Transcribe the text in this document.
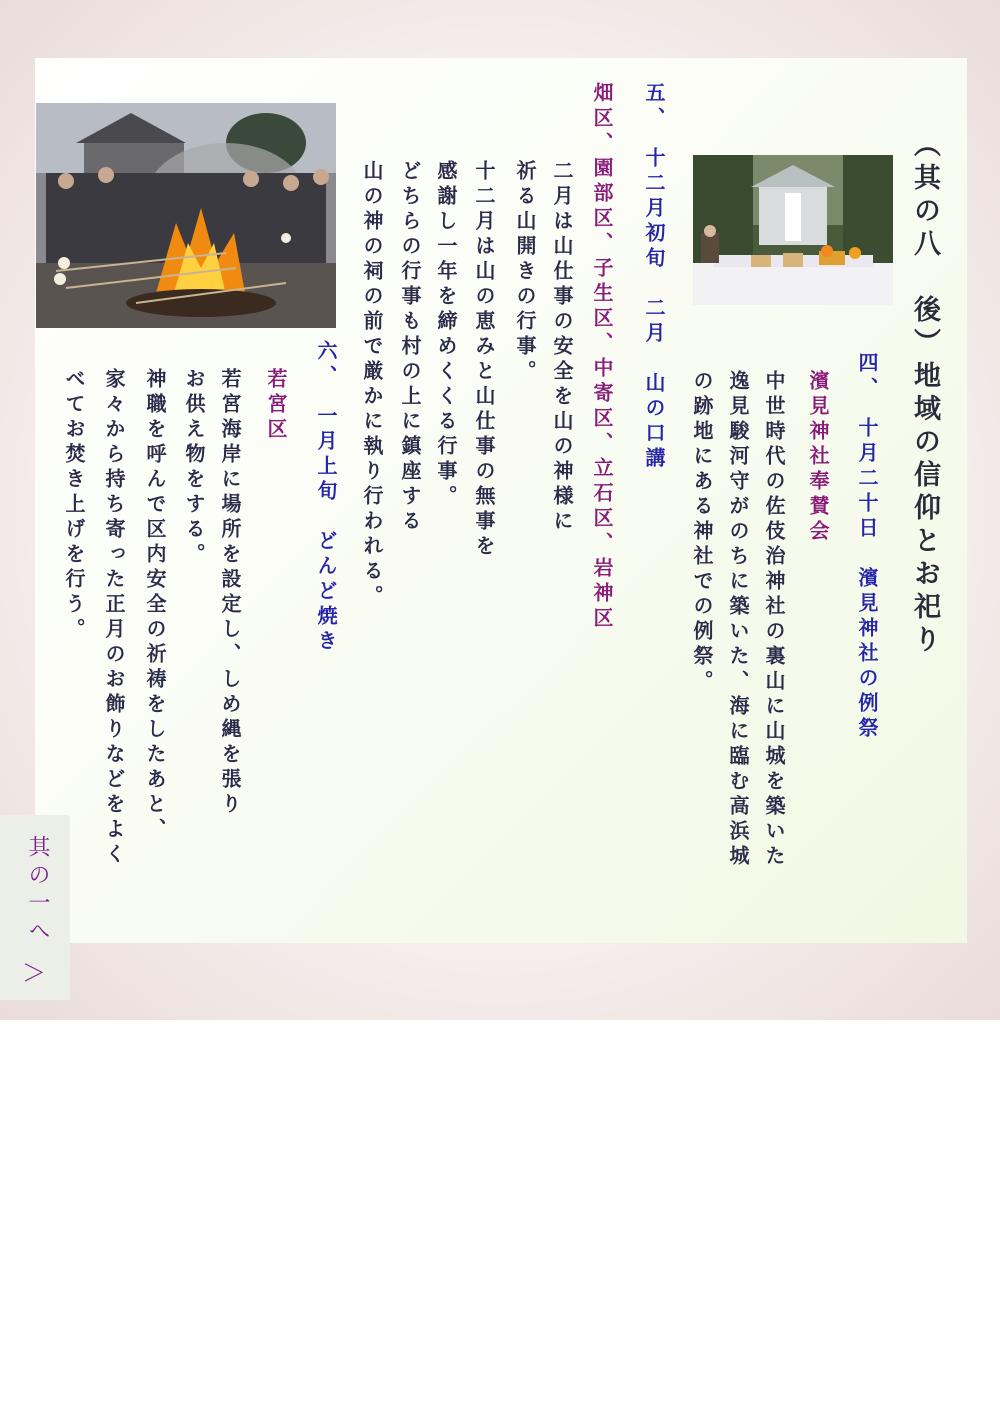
（其の八　後）地域の信仰とお祀り
四、　十月二十日　濱見神社の例祭
濱見神社奉賛会
中世時代の佐伎治神社の裏山に山城を築いた
逸見駿河守がのちに築いた、海に臨む高浜城
の跡地にある神社での例祭。
五、　十二月初旬　二月　山の口講
畑区、園部区、子生区、中寄区、立石区、岩神区
二月は山仕事の安全を山の神様に
祈る山開きの行事。
十二月は山の恵みと山仕事の無事を
感謝し一年を締めくくる行事。
どちらの行事も村の上に鎮座する
山の神の祠の前で厳かに執り行われる。
六、　一月上旬　どんど焼き
若宮区
若宮海岸に場所を設定し、しめ縄を張り
お供え物をする。
神職を呼んで区内安全の祈祷をしたあと、
家々から持ち寄った正月のお飾りなどをよく
べてお焚き上げを行う。
其の一へ
＞
